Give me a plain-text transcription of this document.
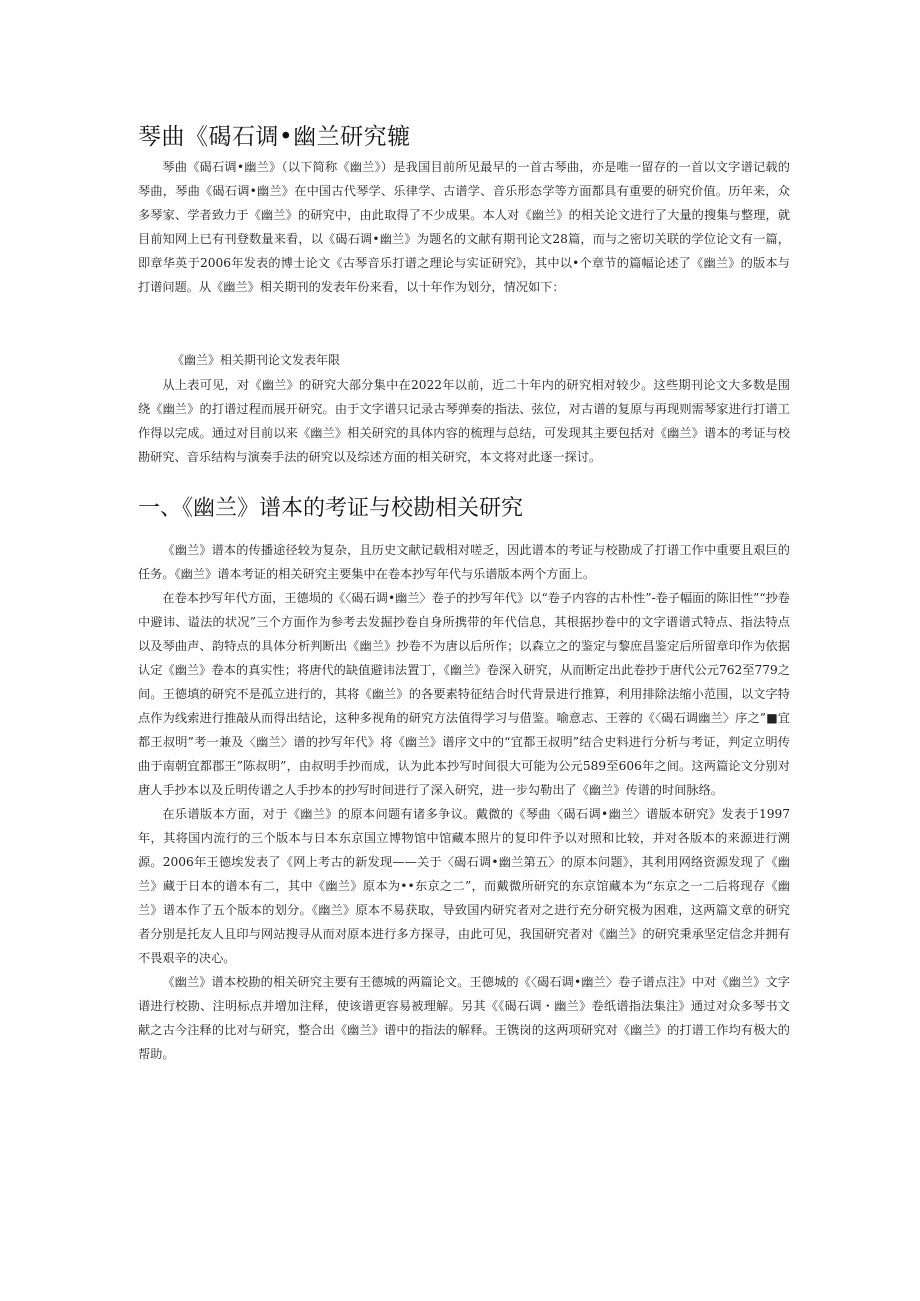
琴曲《碣石调•幽兰研究辘

琴曲《碣石调•幽兰》（以下简称《幽兰》）是我国目前所见最早的一首古琴曲，亦是唯一留存的一首以文字谱记载的琴曲，琴曲《碣石调•幽兰》在中国古代琴学、乐律学、古谱学、音乐形态学等方面都具有重要的研究价值。历年来，众多琴家、学者致力于《幽兰》的研究中，由此取得了不少成果。本人对《幽兰》的相关论文进行了大量的搜集与整理，就目前知网上已有刊登数量来看，以《碣石调•幽兰》为题名的文献有期刊论文28篇，而与之密切关联的学位论文有一篇，即章华英于2006年发表的博士论文《古琴音乐打谱之理论与实证研究》，其中以•个章节的篇幅论述了《幽兰》的版本与打谱问题。从《幽兰》相关期刊的发表年份来看，以十年作为划分，情况如下：

《幽兰》相关期刊论文发表年限

从上表可见，对《幽兰》的研究大部分集中在2022年以前，近二十年内的研究相对较少。这些期刊论文大多数是围绕《幽兰》的打谱过程而展开研究。由于文字谱只记录古琴弹奏的指法、弦位，对古谱的复原与再现则需琴家进行打谱工作得以完成。通过对目前以来《幽兰》相关研究的具体内容的梳理与总结，可发现其主要包括对《幽兰》谱本的考证与校勘研究、音乐结构与演奏手法的研究以及综述方面的相关研究，本文将对此逐一探讨。

一、《幽兰》谱本的考证与校勘相关研究

《幽兰》谱本的传播途径较为复杂，且历史文献记载相对嗟乏，因此谱本的考证与校勘成了打谱工作中重要且艰巨的任务。《幽兰》谱本考证的相关研究主要集中在卷本抄写年代与乐谱版本两个方面上。

在卷本抄写年代方面，王德埙的《〈碣石调•幽兰〉卷子的抄写年代》以“卷子内容的古朴性”-卷子幅面的陈旧性”“抄卷中避讳、谥法的状况”三个方面作为参考去发掘抄卷自身所携带的年代信息，其根据抄卷中的文字谱谱式特点、指法特点以及琴曲声、韵特点的具体分析判断出《幽兰》抄卷不为唐以后所作；以森立之的鉴定与黎庶昌鉴定后所留章印作为依据认定《幽兰》卷本的真实性；将唐代的缺值避讳法置丁，《幽兰》卷深入研究，从而断定出此卷抄于唐代公元762至779之间。王德填的研究不是孤立进行的，其将《幽兰》的各要素特征结合时代背景进行推算，利用排除法缩小范围，以文字特点作为线索进行推敲从而得出结论，这种多视角的研究方法值得学习与借鉴。喻意志、王蓉的《〈碣石调幽兰〉序之”■宜都王叔明”考一兼及〈幽兰〉谱的抄写年代》将《幽兰》谱序文中的“宜都王叔明”结合史料进行分析与考证，判定立明传曲于南朝宜都郡王”陈叔明”，由叔明手抄而成，认为此本抄写时间很大可能为公元589至606年之间。这两篇论文分别对唐人手抄本以及丘明传谱之人手抄本的抄写时间进行了深入研究，进一步勾勒出了《幽兰》传谱的时间脉络。

在乐谱版本方面，对于《幽兰》的原本问题有诸多争议。戴微的《琴曲〈碣石调•幽兰〉谱版本研究》发表于1997年，其将国内流行的三个版本与日本东京国立博物馆中馆藏本照片的复印件予以对照和比较，并对各版本的来源进行溯源。2006年王德埃发表了《网上考古的新发现——关于〈碣石调•幽兰第五〉的原本问题》，其利用网络资源发现了《幽兰》藏于日本的谱本有二，其中《幽兰》原本为••东京之二”，而戴微所研究的东京馆藏本为“东京之一二后将现存《幽兰》谱本作了五个版本的划分。《幽兰》原本不易获取，导致国内研究者对之进行充分研究极为困难，这两篇文章的研究者分别是托友人且印与网站搜寻从而对原本进行多方探寻，由此可见，我国研究者对《幽兰》的研究秉承坚定信念并拥有不畏艰辛的决心。

《幽兰》谱本校勘的相关研究主要有王德城的两篇论文。王德城的《〈碣石调•幽兰〉卷子谱点注》中对《幽兰》文字谱进行校勘、注明标点并增加注释，使该谱更容易被理解。另其《《碣石调・幽兰》卷纸谱指法集注》通过对众多琴书文献之古今注释的比对与研究，整合出《幽兰》谱中的指法的解释。王镌岗的这两项研究对《幽兰》的打谱工作均有极大的帮助。
